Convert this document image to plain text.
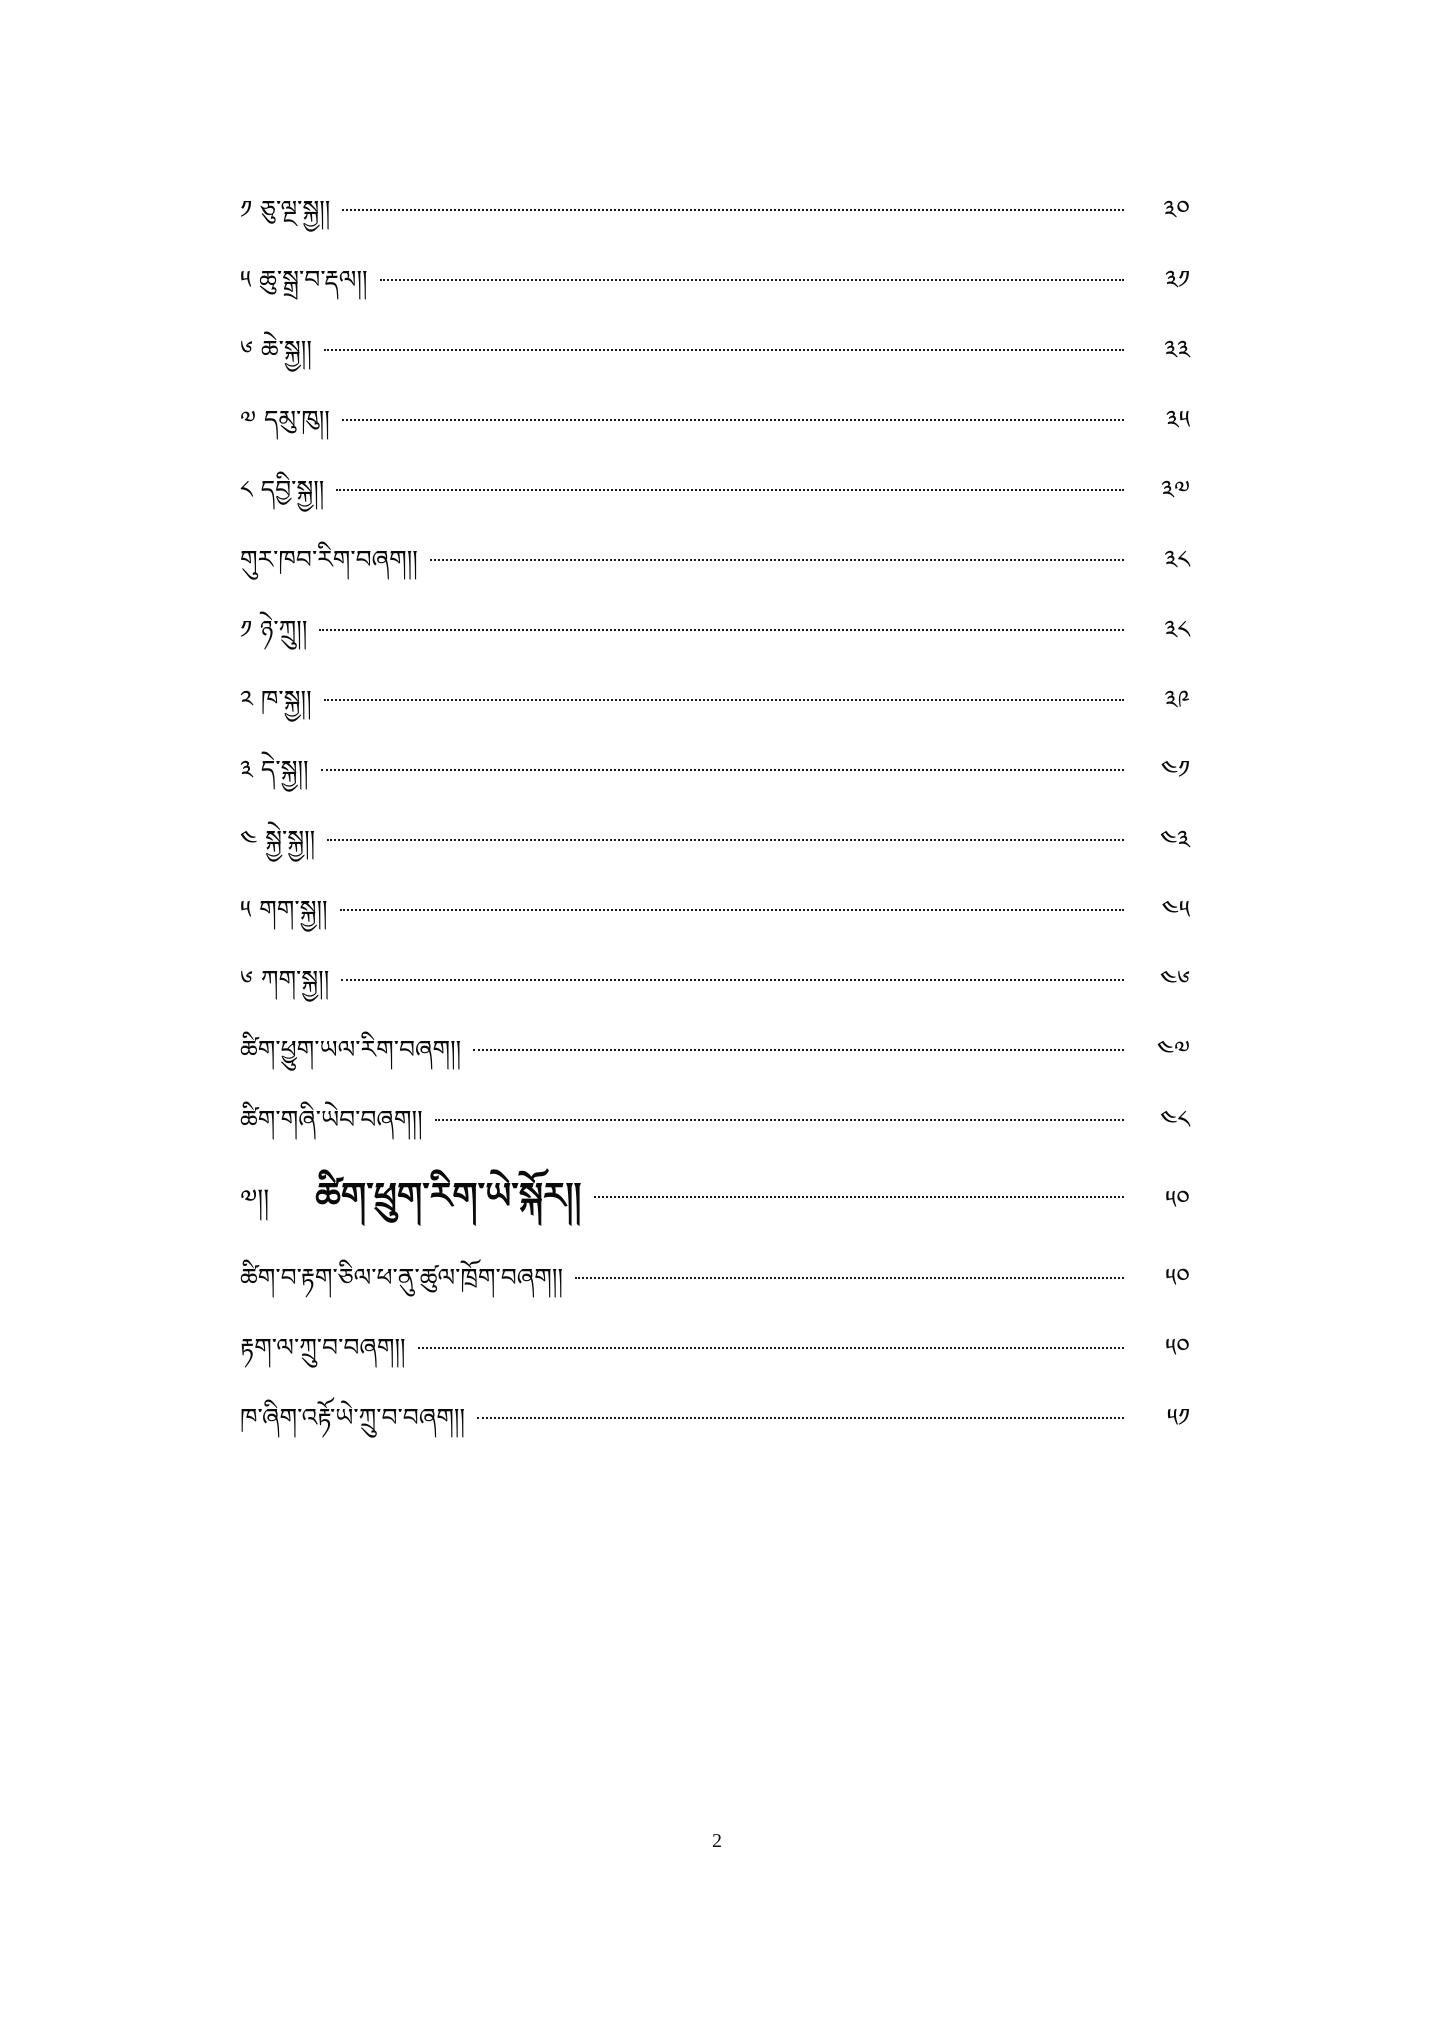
༡ ཅུ་ལྔ་སྐྱ།།	༣༠
༥ ཆུ་སྒྲ་བ་རྡལ།།	༣༡
༦ ཆེ་སྐྱ།།	༣༣
༧ དམུ་ཁུ།།	༣༥
༨ དབྱི་སྐྱ།།	༣༧
གུར་ཁབ་རིག་བཞག།།	༣༨
༡ ཉེ་ཀྲུ།།	༣༨
༢ ཁ་སྐྱ།།	༣༩
༣ དེ་སྐྱ།།	༤༡
༤ སྐྱེ་སྐྱ།།	༤༣
༥ གག་སྐྱ།།	༤༥
༦ ཀག་སྐྱ།།	༤༦
ཚིག་ཕྱུག་ཡལ་རིག་བཞག།།	༤༧
ཚིག་གཞི་ཡེབ་བཞག།།	༤༨
༧།། ཚིག་ཕྲུག་རིག་ཡེ་སྐོར།།	༥༠
ཚིག་བ་རྟག་ཅིལ་ཕ་ནུ་ཚུལ་ཁྲོག་བཞག།།	༥༠
རྟག་ལ་ཀྲུ་བ་བཞག།།	༥༠
ཁ་ཞིག་འརྟོ་ཡེ་ཀྲུ་བ་བཞག།།	༥༡
2
